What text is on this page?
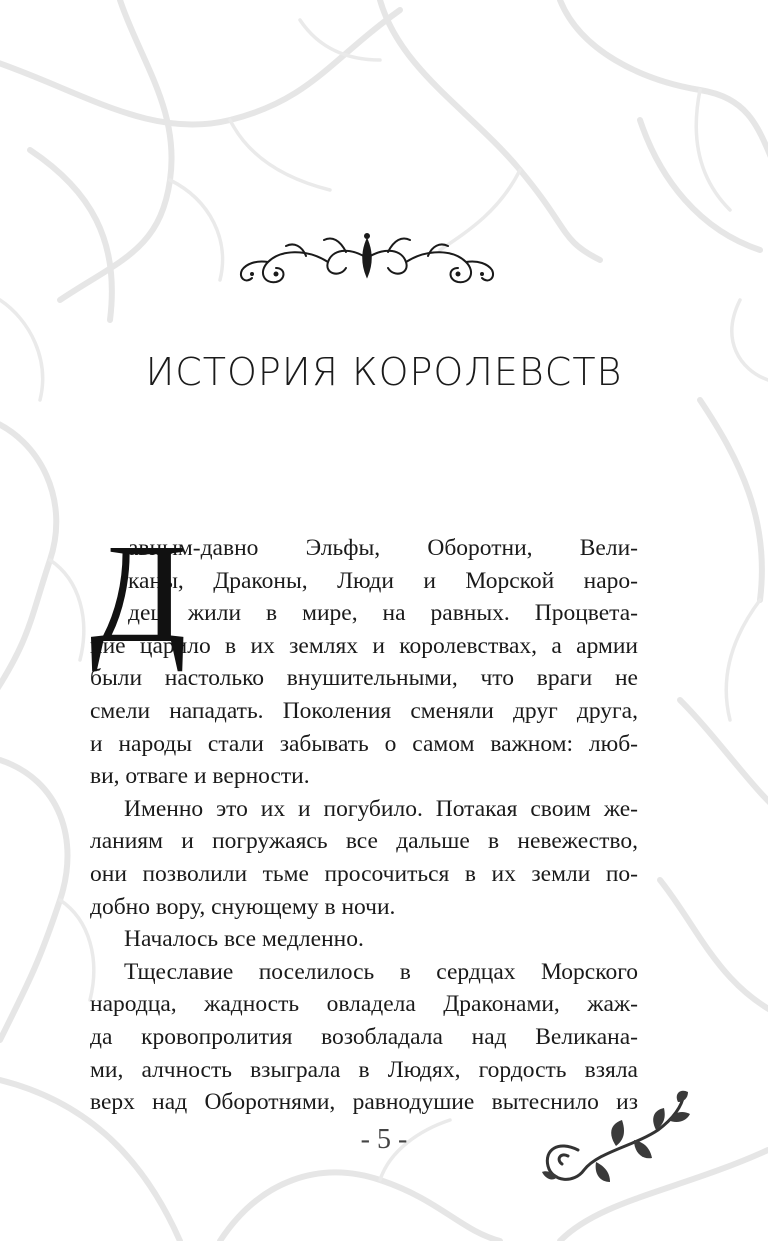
ИСТОРИЯ КОРОЛЕВСТВ
Д
авным-давно Эльфы, Оборотни, Вели-
каны, Драконы, Люди и Морской наро-
дец жили в мире, на равных. Процвета-
ние царило в их землях и королевствах, а армии
были настолько внушительными, что враги не
смели нападать. Поколения сменяли друг друга,
и народы стали забывать о самом важном: люб-
ви, отваге и верности.
Именно это их и погубило. Потакая своим же-
ланиям и погружаясь все дальше в невежество,
они позволили тьме просочиться в их земли по-
добно вору, снующему в ночи.
Началось все медленно.
Тщеславие поселилось в сердцах Морского
народца, жадность овладела Драконами, жаж-
да кровопролития возобладала над Великана-
ми, алчность взыграла в Людях, гордость взяла
верх над Оборотнями, равнодушие вытеснило из
- 5 -
